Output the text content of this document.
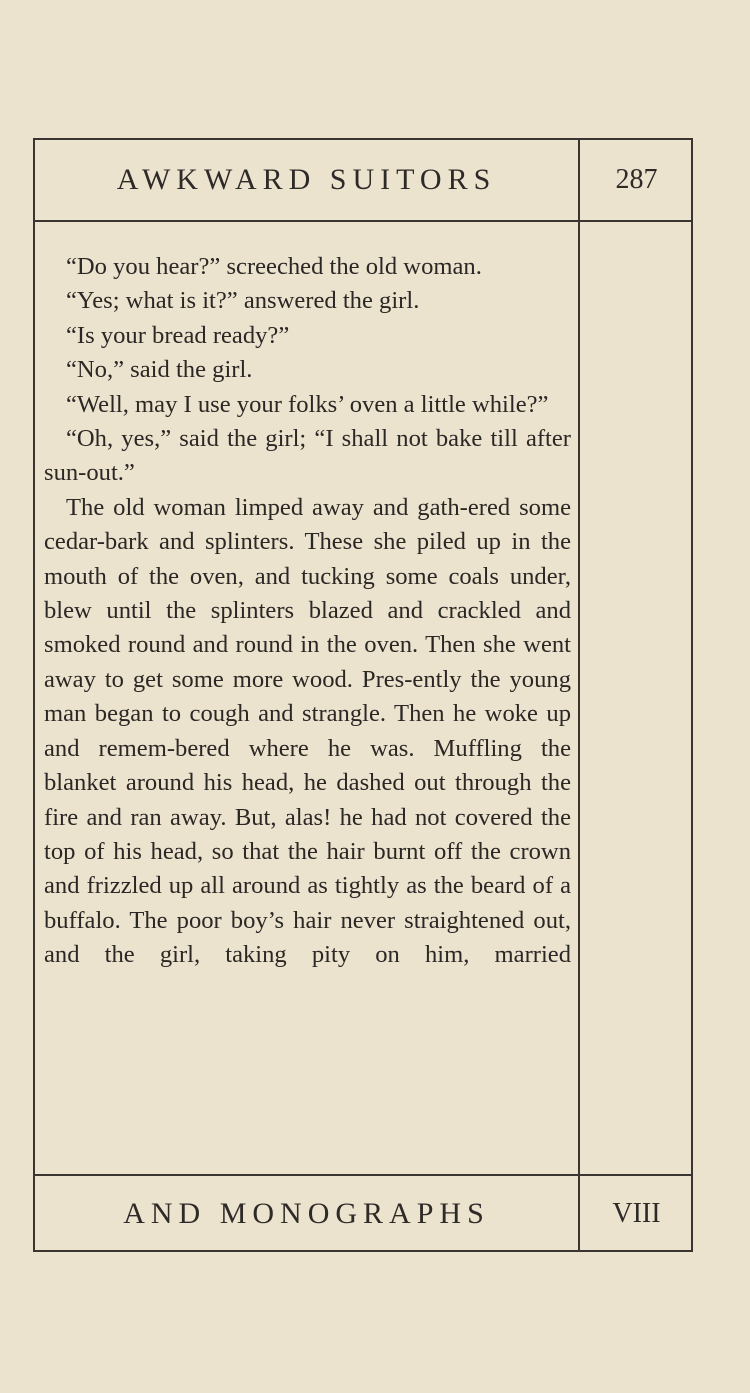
AWKWARD SUITORS	287

“Do you hear?” screeched the old woman.

“Yes; what is it?” answered the girl.

“Is your bread ready?”

“No,” said the girl.

“Well, may I use your folks’ oven a little while?”

“Oh, yes,” said the girl; “I shall not bake till after sun-out.”

The old woman limped away and gath-ered some cedar-bark and splinters. These she piled up in the mouth of the oven, and tucking some coals under, blew until the splinters blazed and crackled and smoked round and round in the oven. Then she went away to get some more wood. Pres-ently the young man began to cough and strangle. Then he woke up and remem-bered where he was. Muffling the blanket around his head, he dashed out through the fire and ran away. But, alas! he had not covered the top of his head, so that the hair burnt off the crown and frizzled up all around as tightly as the beard of a buffalo. The poor boy’s hair never straightened out, and the girl, taking pity on him, married

AND MONOGRAPHS	VIII
